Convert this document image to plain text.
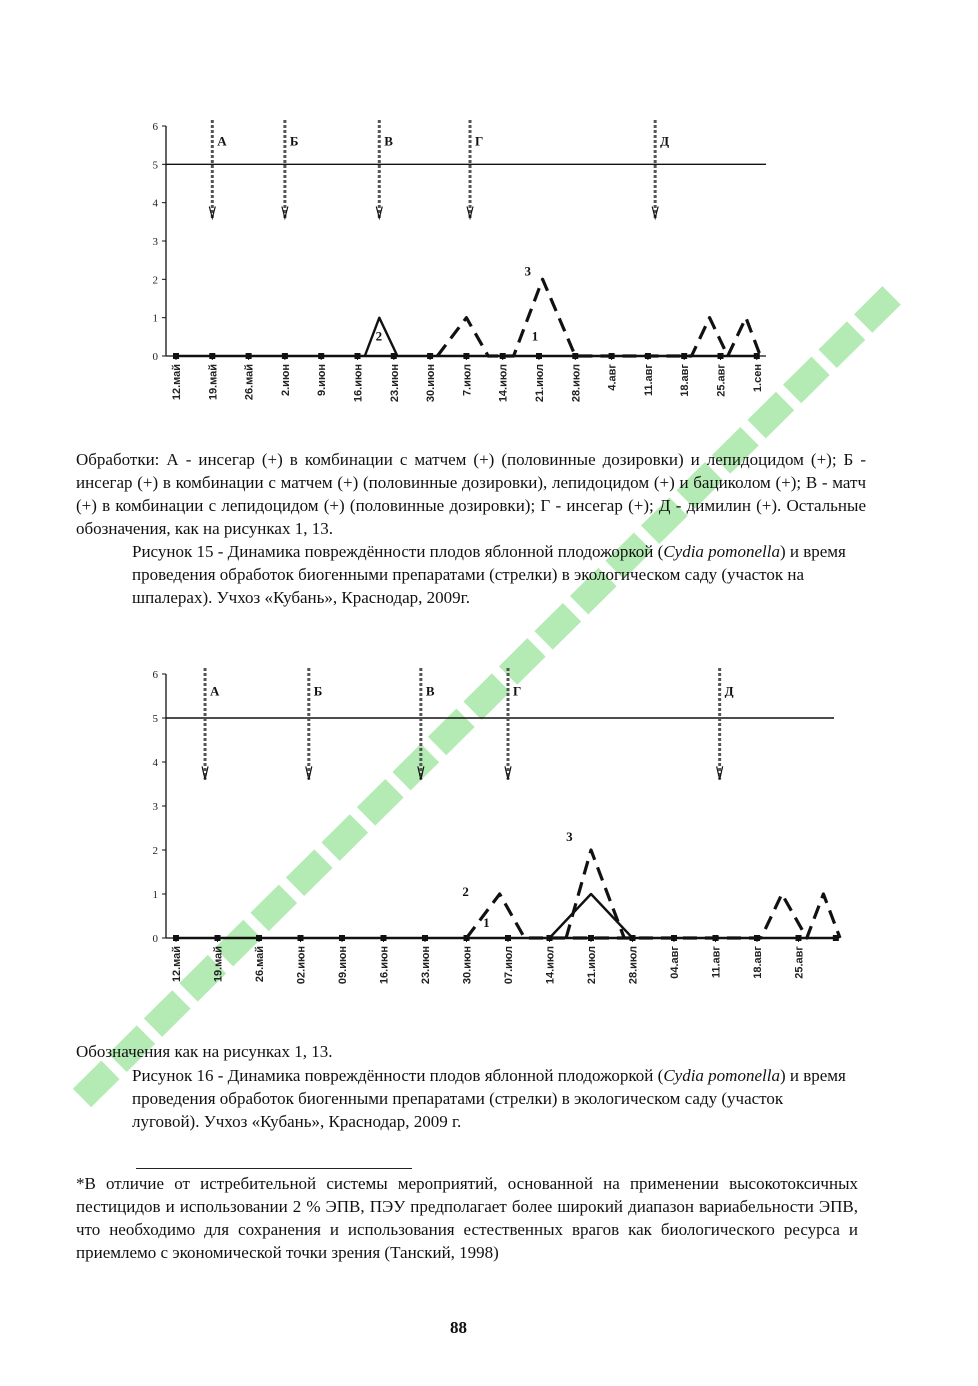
0
1
2
3
4
5
6
12.май 19.май 26.май 2.июн 9.июн 16.июн 23.июн 30.июн 7.июл 14.июл 21.июл 28.июл 4.авг 11.авг 18.авг 25.авг 1.сен
А	Б	В	Г	Д
1
2
3

Обработки: А - инсегар (+) в комбинации с матчем (+) (половинные дозировки) и лепидоцидом (+); Б - инсегар (+) в комбинации с матчем (+) (половинные дозировки), лепидоцидом (+) и бациколом (+); В - матч (+) в комбинации с лепидоцидом (+) (половинные дозировки); Г - инсегар (+); Д - димилин (+). Остальные обозначения, как на рисунках 1, 13.

Рисунок 15 - Динамика повреждённости плодов яблонной плодожоркой (Cydia pomonella) и время проведения обработок биогенными препаратами (стрелки) в экологическом саду (участок на шпалерах). Учхоз «Кубань», Краснодар, 2009г.
0
1
2
3
4
5
6
12.май	19.май	26.май	02.июн	09.июн	16.июн	23.июн	30.июн	07.июл	14.июл	21.июл	28.июл	04.авг	11.авг	18.авг	25.авг
А	Б	В	Г	Д
1
2
3

Обозначения как на рисунках 1, 13.

Рисунок 16 - Динамика повреждённости плодов яблонной плодожоркой (Cydia pomonella) и время проведения обработок биогенными препаратами (стрелки) в экологическом саду (участок луговой). Учхоз «Кубань», Краснодар, 2009 г.
*В отличие от истребительной системы мероприятий, основанной на применении высокотоксичных пестицидов и использовании 2 % ЭПВ, ПЭУ предполагает более широкий диапазон вариабельности ЭПВ, что необходимо для сохранения и использования естественных врагов как биологического ресурса и приемлемо с экономической точки зрения (Танский, 1998)
88
